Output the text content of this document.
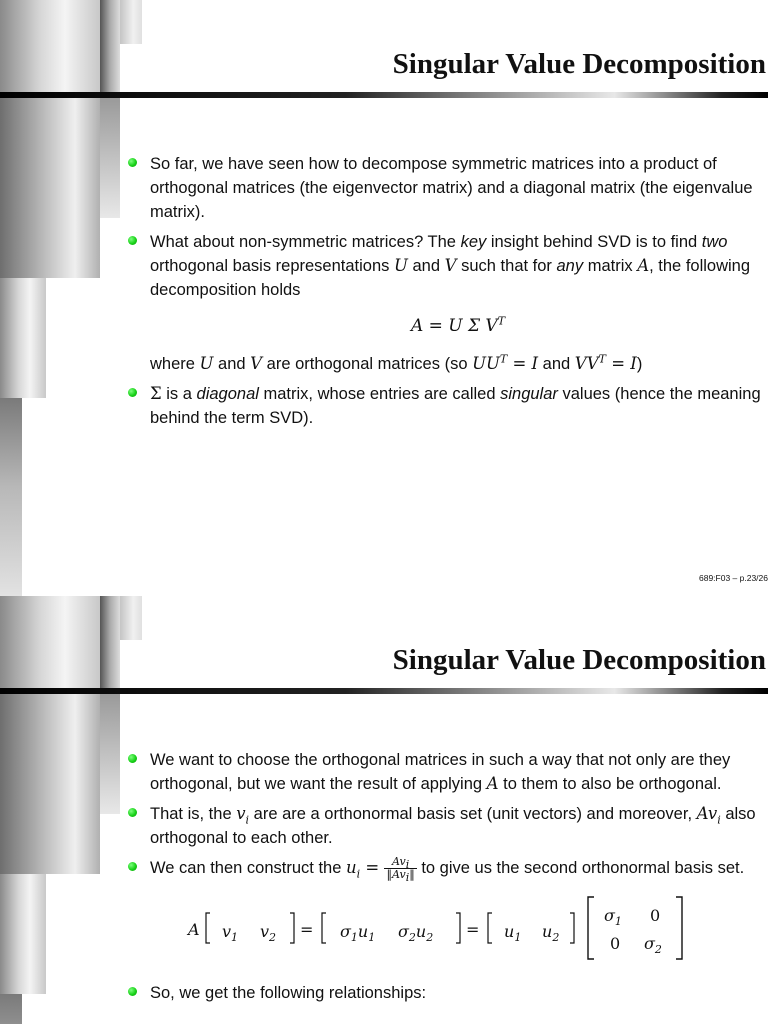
Singular Value Decomposition
So far, we have seen how to decompose symmetric matrices into a product of orthogonal matrices (the eigenvector matrix) and a diagonal matrix (the eigenvalue matrix).
What about non-symmetric matrices? The key insight behind SVD is to find two orthogonal basis representations U and V such that for any matrix A, the following decomposition holds
A = U Σ $V^T$
where U and V are orthogonal matrices (so $UU^T = I$ and $VV^T = I$)
Σ is a diagonal matrix, whose entries are called singular values (hence the meaning behind the term SVD).
689:F03 – p.23/26
Singular Value Decomposition
We want to choose the orthogonal matrices in such a way that not only are they orthogonal, but we want the result of applying A to them to also be orthogonal.
That is, the $v_i$ are are a orthonormal basis set (unit vectors) and moreover, $Av_i$ also orthogonal to each other.
We can then construct the $u_i = \frac{Av_i}{‖Av_i‖}$ to give us the second orthonormal basis set.
A $v_1$ $v_2 = \sigma_1u_1$ $\sigma_2u_2 = u_1$ $u_2$
$\sigma_1$ 0
0 $\sigma_2$
So, we get the following relationships:
